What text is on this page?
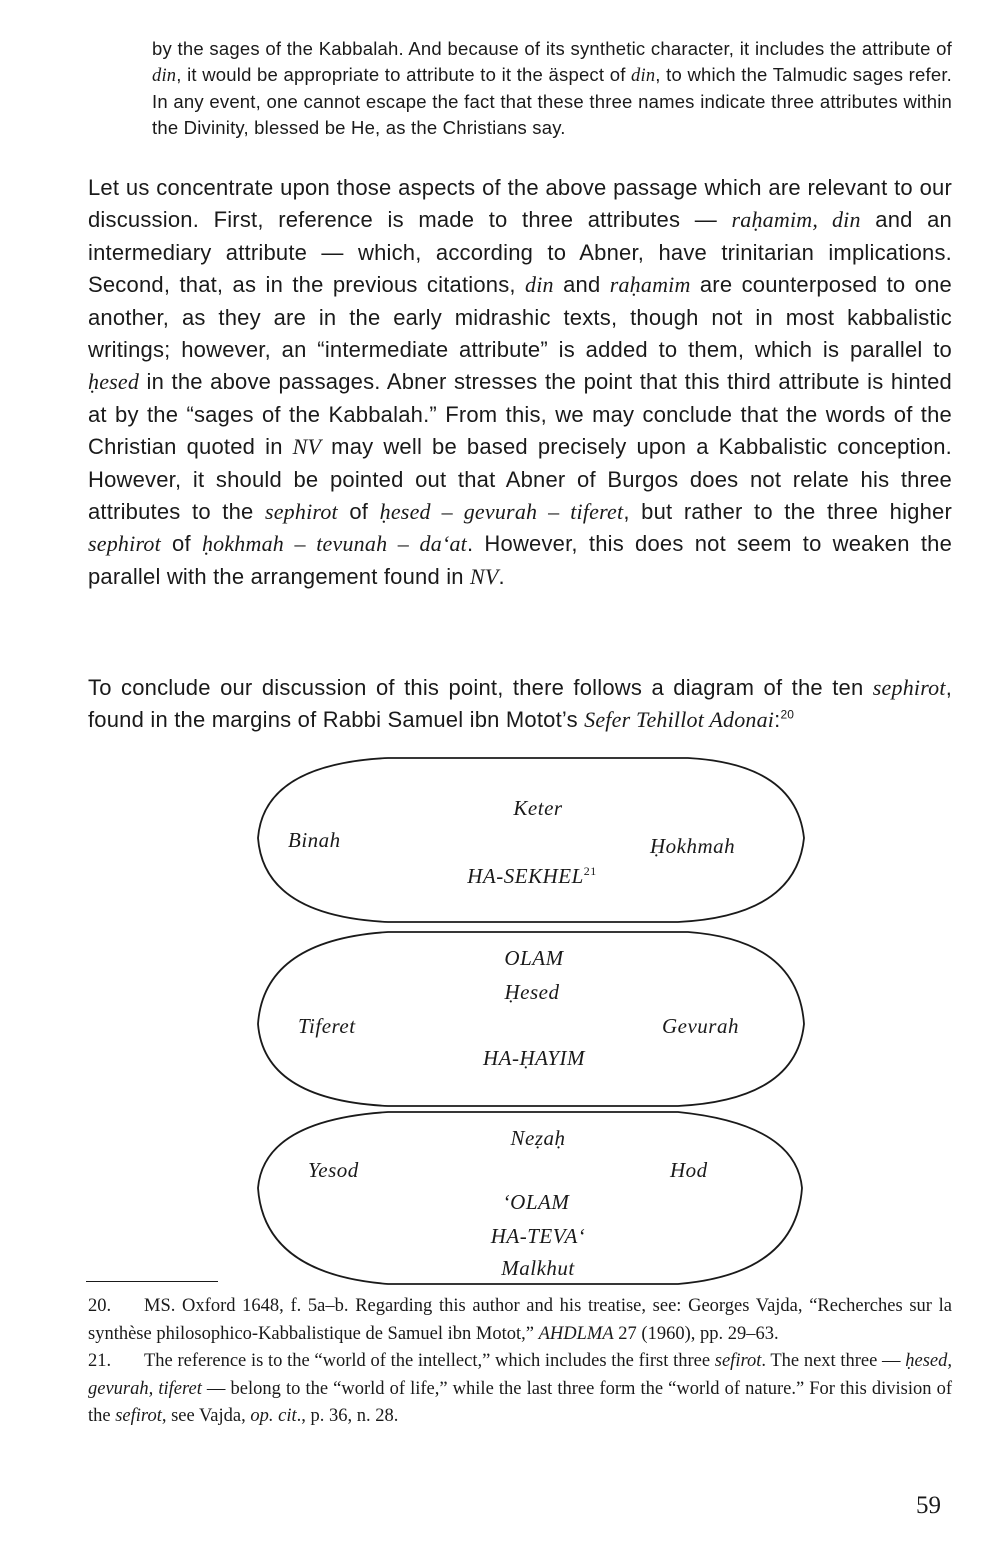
by the sages of the Kabbalah. And because of its synthetic character, it includes the attribute of din, it would be appropriate to attribute to it the äspect of din, to which the Talmudic sages refer. In any event, one cannot escape the fact that these three names indicate three attributes within the Divinity, blessed be He, as the Christians say.

Let us concentrate upon those aspects of the above passage which are relevant to our discussion. First, reference is made to three attributes — raḥamim, din and an intermediary attribute — which, according to Abner, have trinitarian implications. Second, that, as in the previous citations, din and raḥamim are counterposed to one another, as they are in the early midrashic texts, though not in most kabbalistic writings; however, an “intermediate attribute” is added to them, which is parallel to ḥesed in the above passages. Abner stresses the point that this third attribute is hinted at by the “sages of the Kabbalah.” From this, we may conclude that the words of the Christian quoted in NV may well be based precisely upon a Kabbalistic conception. However, it should be pointed out that Abner of Burgos does not relate his three attributes to the sephirot of ḥesed – gevurah – tiferet, but rather to the three higher sephirot of ḥokhmah – tevunah – da‘at. However, this does not seem to weaken the parallel with the arrangement found in NV.

To conclude our discussion of this point, there follows a diagram of the ten sephirot, found in the margins of Rabbi Samuel ibn Motot’s Sefer Tehillot Adonai:$^{20}$

Keter
Binah	Ḥokhmah
HA-SEKHEL$^{21}$
OLAM
Ḥesed
Tiferet	Gevurah
HA-ḤAYIM
Neẓaḥ
Yesod	Hod
‘OLAM
HA-TEVA‘
Malkhut

20. MS. Oxford 1648, f. 5a–b. Regarding this author and his treatise, see: Georges Vajda, “Recherches sur la synthèse philosophico-Kabbalistique de Samuel ibn Motot,” AHDLMA 27 (1960), pp. 29–63.

21. The reference is to the “world of the intellect,” which includes the first three sefirot. The next three — ḥesed, gevurah, tiferet — belong to the “world of life,” while the last three form the “world of nature.” For this division of the sefirot, see Vajda, op. cit., p. 36, n. 28.

59
